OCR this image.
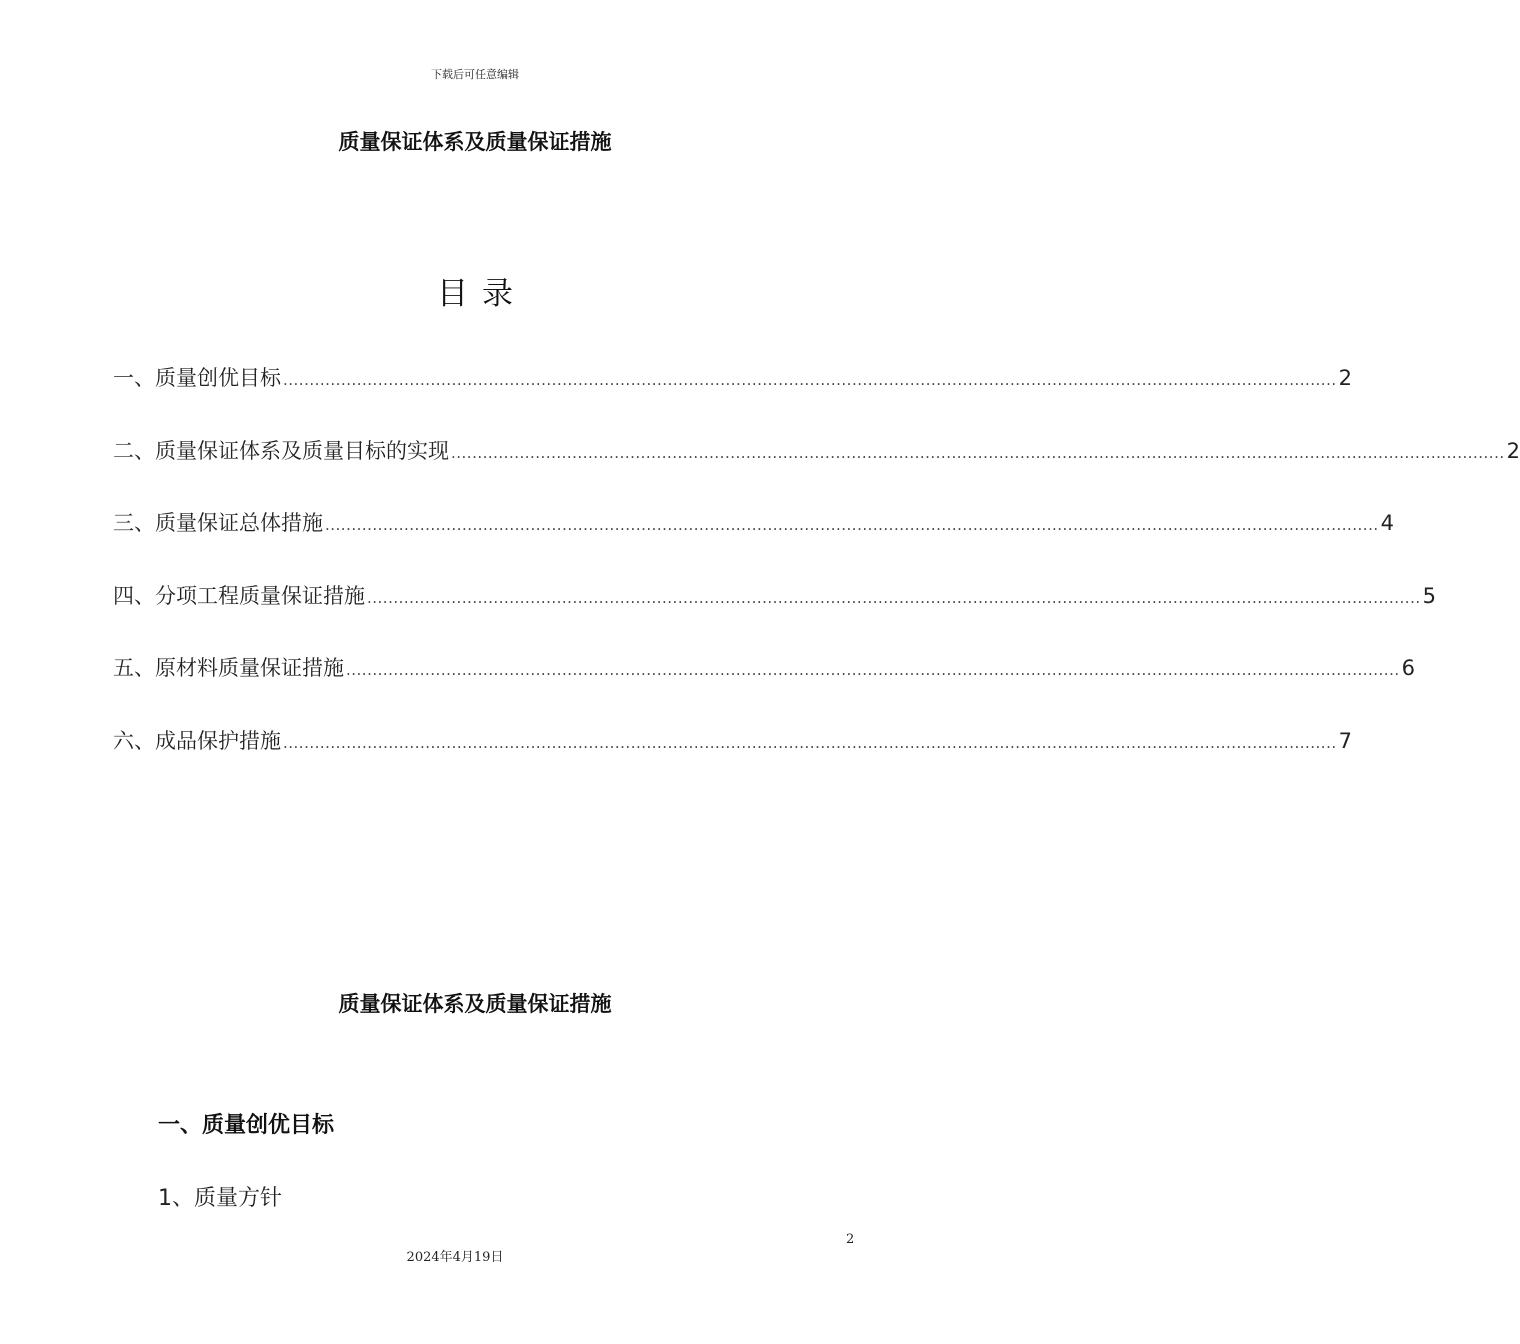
下载后可任意编辑
质量保证体系及质量保证措施
目录
一、质量创优目标 ........................................................................................................................................................................................................ 2
二、质量保证体系及质量目标的实现 ........................................................................................................................................................................................................ 2
三、质量保证总体措施 ........................................................................................................................................................................................................ 4
四、分项工程质量保证措施 ........................................................................................................................................................................................................ 5
五、原材料质量保证措施 ........................................................................................................................................................................................................ 6
六、成品保护措施 ........................................................................................................................................................................................................ 7
质量保证体系及质量保证措施
一、质量创优目标
1、质量方针
2
2024年4月19日
